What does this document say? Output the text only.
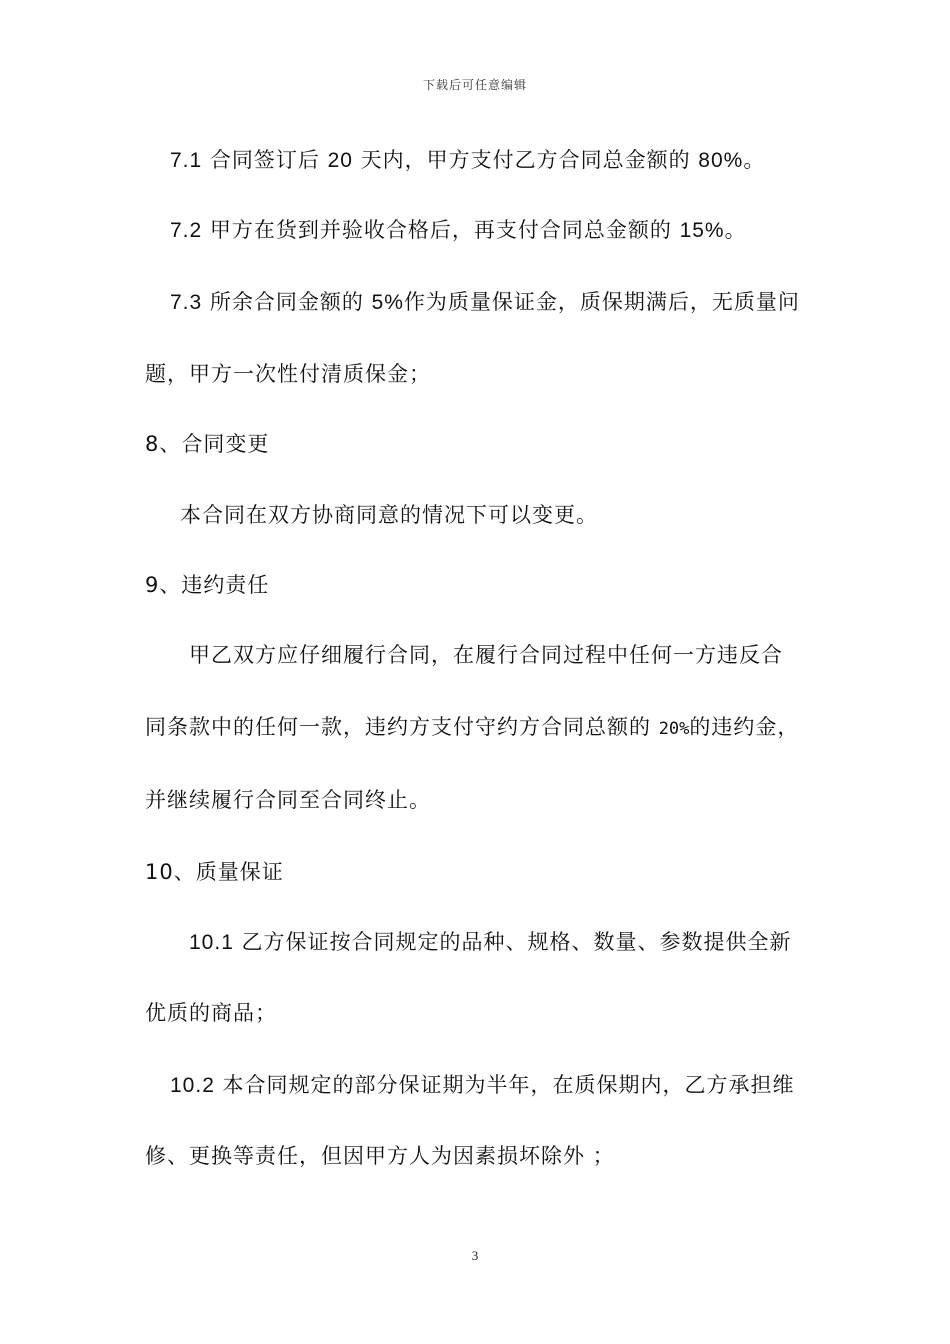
下载后可任意编辑
7.1 合同签订后 20 天内，甲方支付乙方合同总金额的 80%。
7.2 甲方在货到并验收合格后，再支付合同总金额的 15%。
7.3 所余合同金额的 5%作为质量保证金，质保期满后，无质量问
题，甲方一次性付清质保金；
8、合同变更
本合同在双方协商同意的情况下可以变更。
9、违约责任
甲乙双方应仔细履行合同，在履行合同过程中任何一方违反合
同条款中的任何一款，违约方支付守约方合同总额的 20%的违约金，
并继续履行合同至合同终止。
10、质量保证
10.1 乙方保证按合同规定的品种、规格、数量、参数提供全新
优质的商品；
10.2 本合同规定的部分保证期为半年，在质保期内，乙方承担维
修、更换等责任，但因甲方人为因素损坏除外 ；
3
